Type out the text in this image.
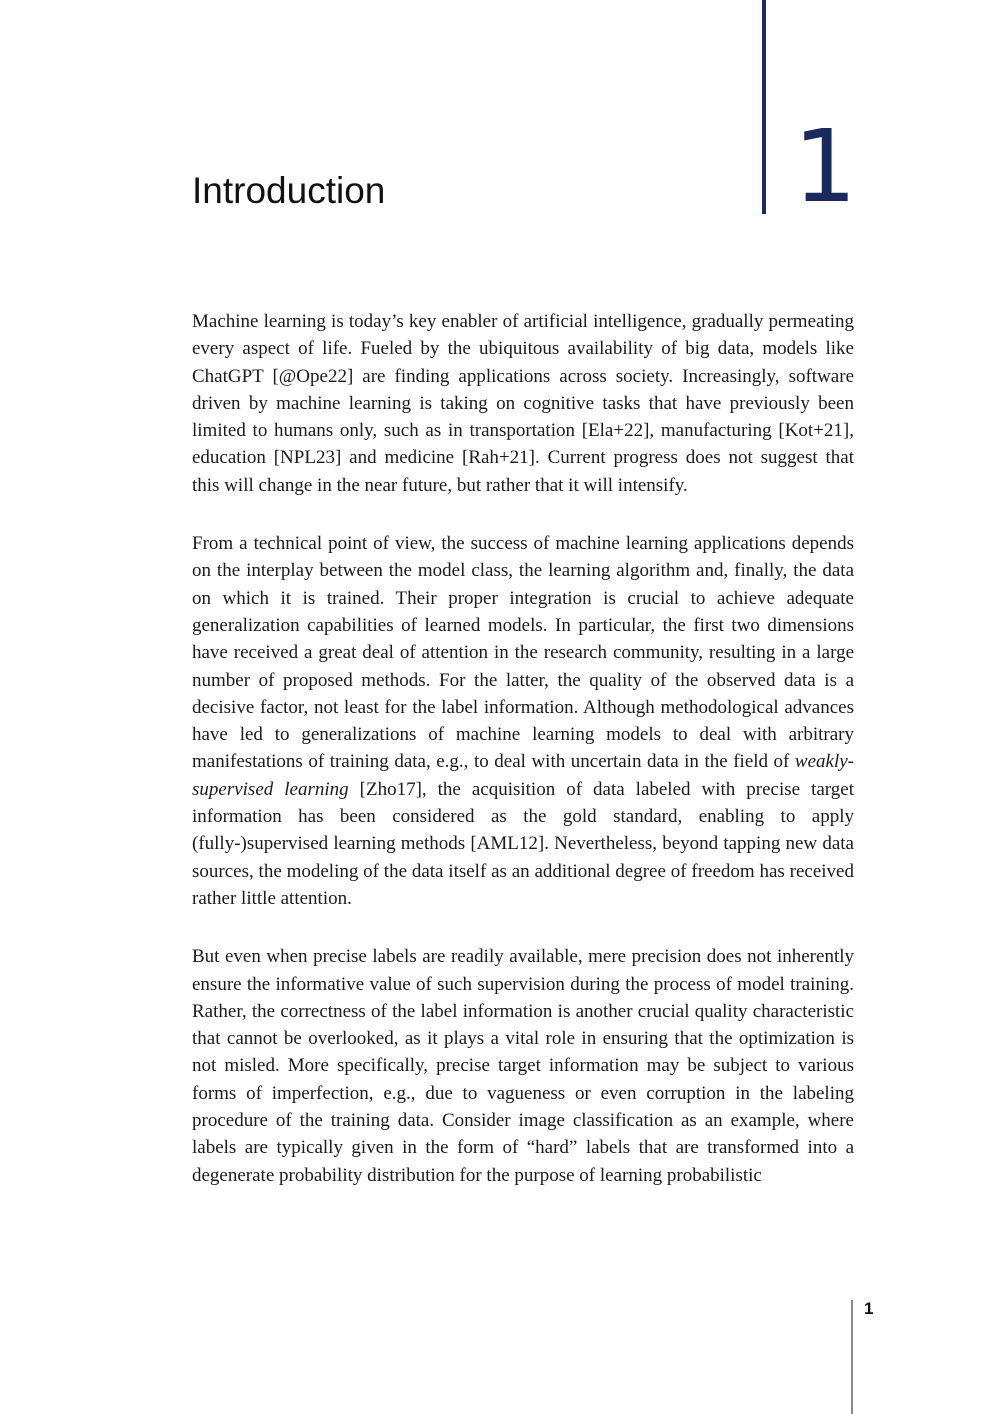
1
Introduction

Machine learning is today’s key enabler of artificial intelligence, gradually permeating every aspect of life. Fueled by the ubiquitous availability of big data, models like ChatGPT [@Ope22] are finding applications across society. Increasingly, software driven by machine learning is taking on cognitive tasks that have previously been limited to humans only, such as in transportation [Ela+22], manufacturing [Kot+21], education [NPL23] and medicine [Rah+21]. Current progress does not suggest that this will change in the near future, but rather that it will intensify.

From a technical point of view, the success of machine learning applications depends on the interplay between the model class, the learning algorithm and, finally, the data on which it is trained. Their proper integration is crucial to achieve adequate generalization capabilities of learned models. In particular, the first two dimensions have received a great deal of attention in the research community, resulting in a large number of proposed methods. For the latter, the quality of the observed data is a decisive factor, not least for the label information. Although methodological advances have led to generalizations of machine learning models to deal with arbitrary manifestations of training data, e.g., to deal with uncertain data in the field of weakly-supervised learning [Zho17], the acquisition of data labeled with precise target information has been considered as the gold standard, enabling to apply (fully-)supervised learning methods [AML12]. Nevertheless, beyond tapping new data sources, the modeling of the data itself as an additional degree of freedom has received rather little attention.

But even when precise labels are readily available, mere precision does not inherently ensure the informative value of such supervision during the process of model training. Rather, the correctness of the label information is another crucial quality characteristic that cannot be overlooked, as it plays a vital role in ensuring that the optimization is not misled. More specifically, precise target information may be subject to various forms of imperfection, e.g., due to vagueness or even corruption in the labeling procedure of the training data. Consider image classification as an example, where labels are typically given in the form of “hard” labels that are transformed into a degenerate probability distribution for the purpose of learning probabilistic

1
